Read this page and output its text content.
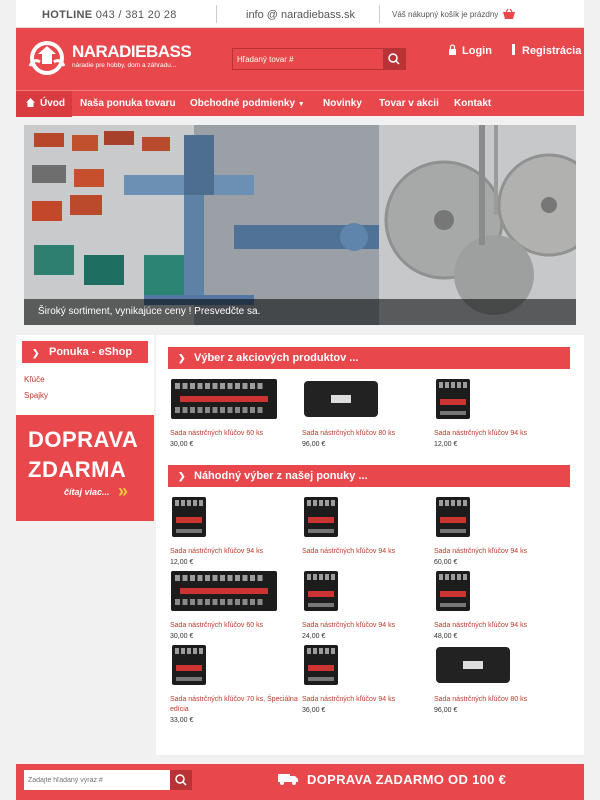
HOTLINE 043 / 381 20 28	info @ naradiebass.sk	Váš nákupný košík je prázdny
NARADIEBASS
náradie pre hobby, dom a záhradu...
Hľadaný tovar #
Login	Registrácia
Úvod Naša ponuka tovaru Obchodné podmienky ▼ Novinky Tovar v akcii Kontakt
Široký sortiment, vynikajúce ceny ! Presvedčte sa.
❯ Ponuka - eShop
Kľúče
Spajky
DOPRAVA
ZDARMA
čítaj viac... »
❯ Výber z akciových produktov ...
Sada nástrčných kľúčov 60 ks
30,00 €
Sada nástrčných kľúčov 80 ks
96,00 €
Sada nástrčných kľúčov 94 ks
12,00 €
❯ Náhodný výber z našej ponuky ...
Sada nástrčných kľúčov 94 ks
12,00 €
Sada nástrčných kľúčov 94 ks	Sada nástrčných kľúčov 94 ks
60,00 €
Sada nástrčných kľúčov 60 ks
30,00 €
Sada nástrčných kľúčov 94 ks
24,00 €
Sada nástrčných kľúčov 94 ks
48,00 €
Sada nástrčných kľúčov 70 ks, Špeciálna edícia
33,00 €
Sada nástrčných kľúčov 94 ks
36,00 €
Sada nástrčných kľúčov 80 ks
96,00 €
Zadajte hľadaný výraz #
DOPRAVA ZADARMO OD 100 €
